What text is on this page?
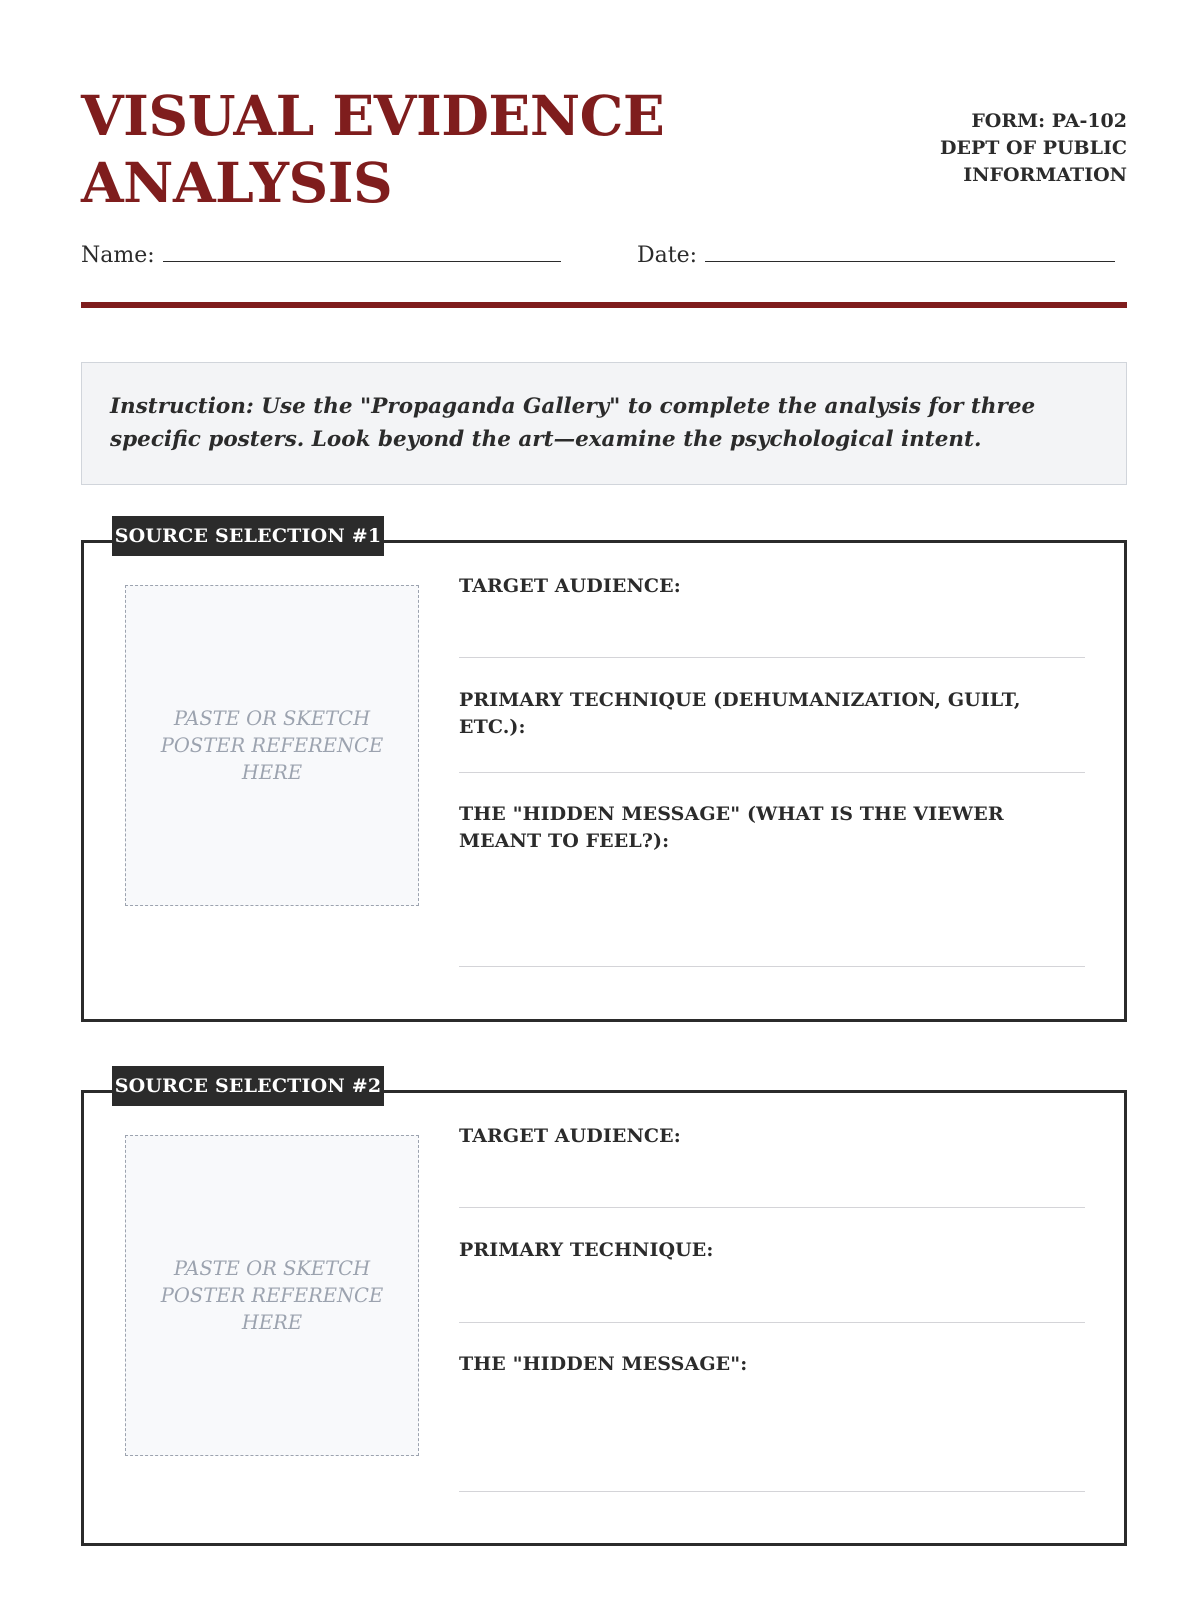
VISUAL EVIDENCE ANALYSIS
FORM: PA-102
DEPT OF PUBLIC INFORMATION
Name:	Date:
Instruction: Use the "Propaganda Gallery" to complete the analysis for three specific posters. Look beyond the art—examine the psychological intent.
SOURCE SELECTION #1
PASTE OR SKETCH POSTER REFERENCE HERE
TARGET AUDIENCE:
PRIMARY TECHNIQUE (DEHUMANIZATION, GUILT, ETC.):
THE "HIDDEN MESSAGE" (WHAT IS THE VIEWER MEANT TO FEEL?):
SOURCE SELECTION #2
PASTE OR SKETCH POSTER REFERENCE HERE
TARGET AUDIENCE:
PRIMARY TECHNIQUE:
THE "HIDDEN MESSAGE":
